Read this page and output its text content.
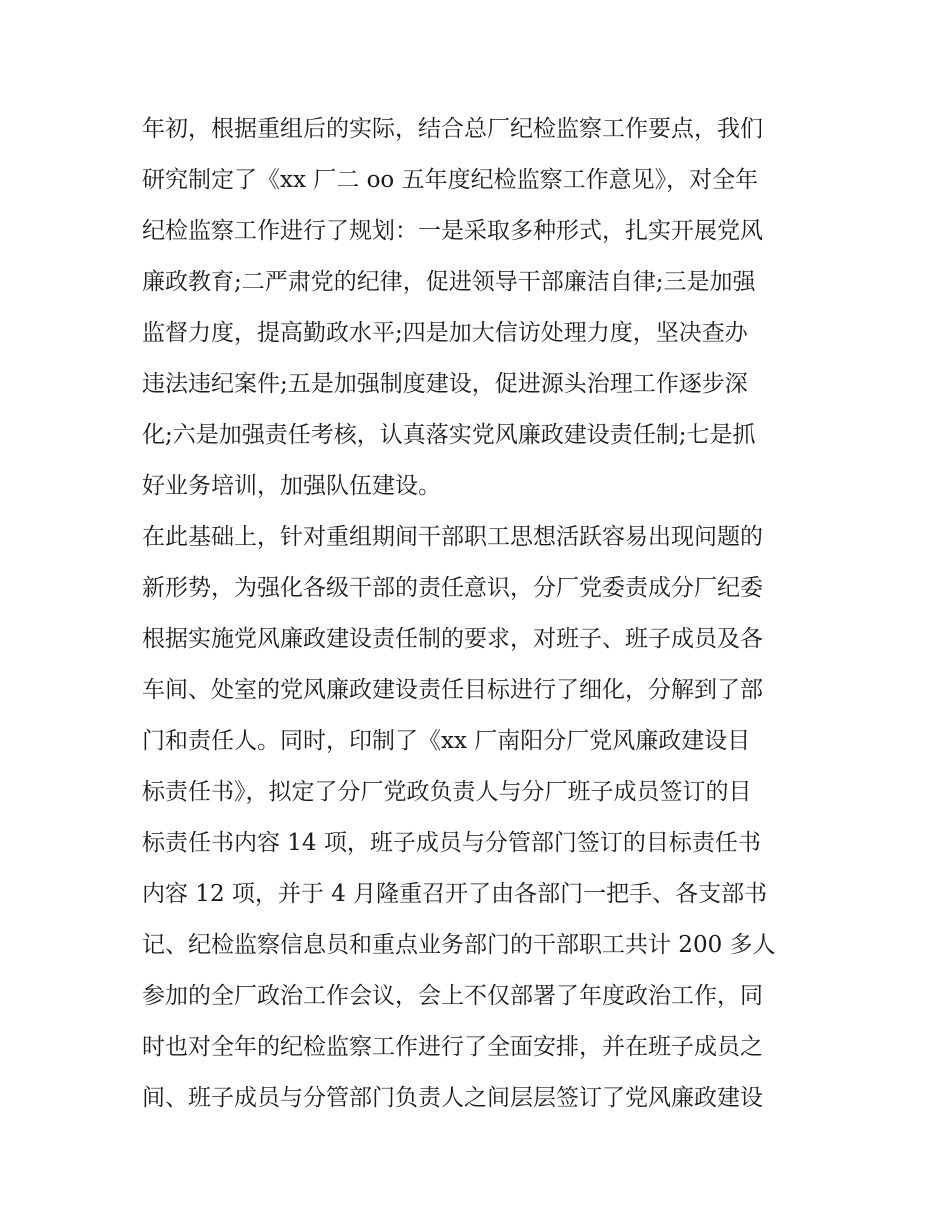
年初，根据重组后的实际，结合总厂纪检监察工作要点，我们
研究制定了《xx 厂二 oo 五年度纪检监察工作意见》，对全年
纪检监察工作进行了规划：一是采取多种形式，扎实开展党风
廉政教育;二严肃党的纪律，促进领导干部廉洁自律;三是加强
监督力度，提高勤政水平;四是加大信访处理力度，坚决查办
违法违纪案件;五是加强制度建设，促进源头治理工作逐步深
化;六是加强责任考核，认真落实党风廉政建设责任制;七是抓
好业务培训，加强队伍建设。
在此基础上，针对重组期间干部职工思想活跃容易出现问题的
新形势，为强化各级干部的责任意识，分厂党委责成分厂纪委
根据实施党风廉政建设责任制的要求，对班子、班子成员及各
车间、处室的党风廉政建设责任目标进行了细化，分解到了部
门和责任人。同时，印制了《xx 厂南阳分厂党风廉政建设目
标责任书》，拟定了分厂党政负责人与分厂班子成员签订的目
标责任书内容 14 项，班子成员与分管部门签订的目标责任书
内容 12 项，并于 4 月隆重召开了由各部门一把手、各支部书
记、纪检监察信息员和重点业务部门的干部职工共计 200 多人
参加的全厂政治工作会议，会上不仅部署了年度政治工作，同
时也对全年的纪检监察工作进行了全面安排，并在班子成员之
间、班子成员与分管部门负责人之间层层签订了党风廉政建设
